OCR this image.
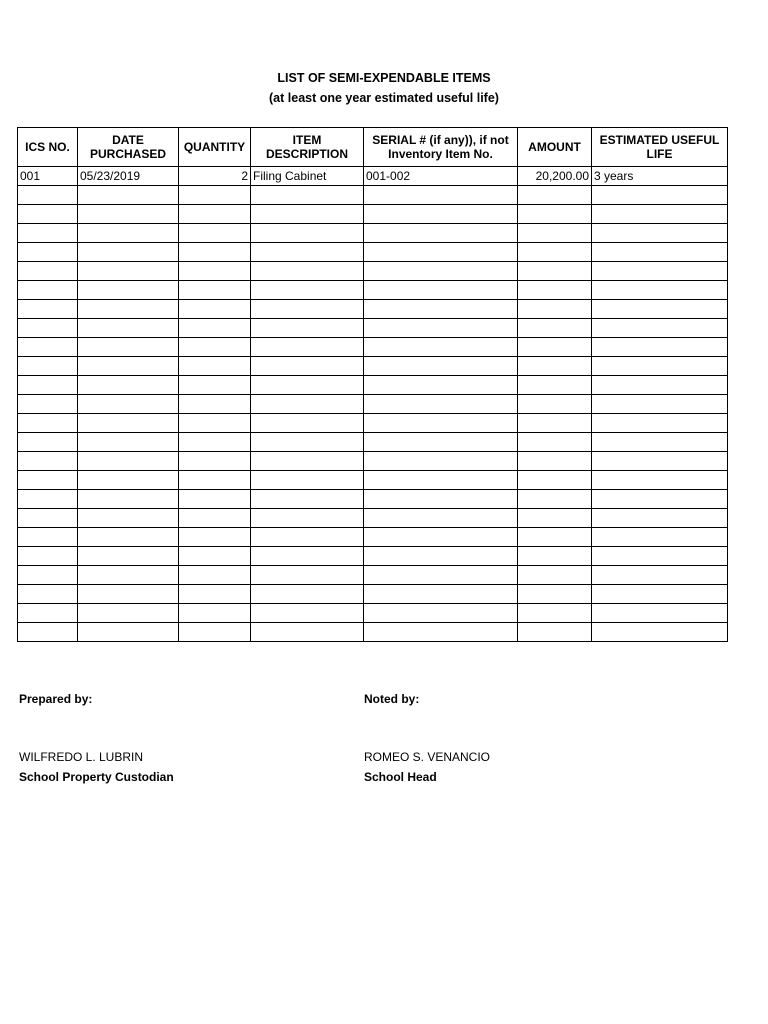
LIST OF SEMI-EXPENDABLE ITEMS
(at least one year estimated useful life)
ICS NO.	DATE PURCHASED	QUANTITY	ITEM DESCRIPTION	SERIAL # (if any)), if not Inventory Item No.	AMOUNT	ESTIMATED USEFUL LIFE
001	05/23/2019	2	Filing Cabinet	001-002	20,200.00	3 years

Prepared by:	Noted by:
WILFREDO L. LUBRIN
School Property Custodian
ROMEO S. VENANCIO
School Head
